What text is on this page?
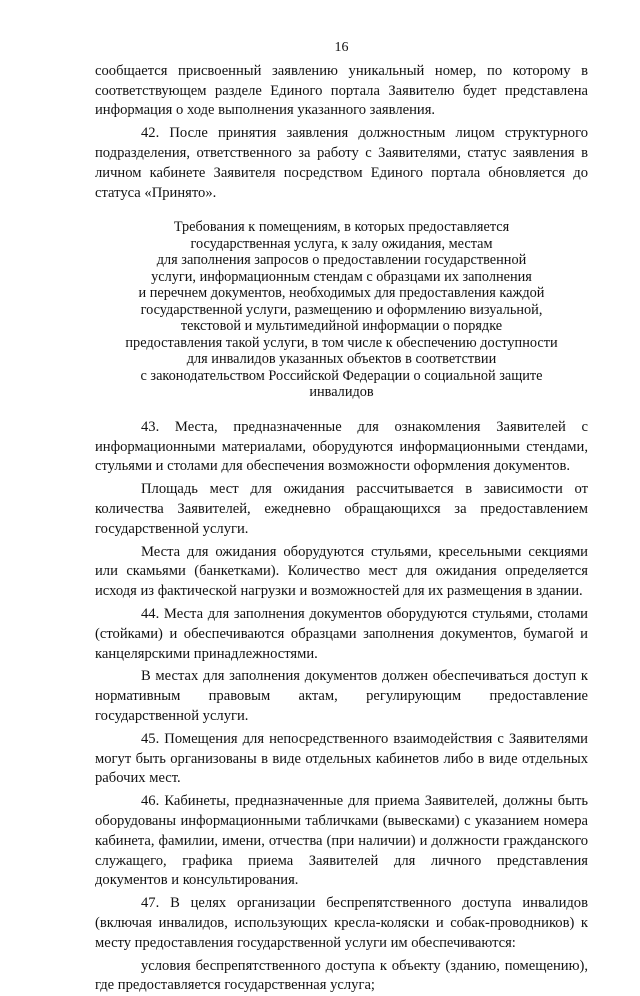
16

сообщается присвоенный заявлению уникальный номер, по которому в соответствующем разделе Единого портала Заявителю будет представлена информация о ходе выполнения указанного заявления.

42. После принятия заявления должностным лицом структурного подразделения, ответственного за работу с Заявителями, статус заявления в личном кабинете Заявителя посредством Единого портала обновляется до статуса «Принято».

Требования к помещениям, в которых предоставляется

государственная услуга, к залу ожидания, местам

для заполнения запросов о предоставлении государственной

услуги, информационным стендам с образцами их заполнения

и перечнем документов, необходимых для предоставления каждой

государственной услуги, размещению и оформлению визуальной,

текстовой и мультимедийной информации о порядке

предоставления такой услуги, в том числе к обеспечению доступности

для инвалидов указанных объектов в соответствии

с законодательством Российской Федерации о социальной защите

инвалидов

43. Места, предназначенные для ознакомления Заявителей с информационными материалами, оборудуются информационными стендами, стульями и столами для обеспечения возможности оформления документов.

Площадь мест для ожидания рассчитывается в зависимости от количества Заявителей, ежедневно обращающихся за предоставлением государственной услуги.

Места для ожидания оборудуются стульями, кресельными секциями или скамьями (банкетками). Количество мест для ожидания определяется исходя из фактической нагрузки и возможностей для их размещения в здании.

44. Места для заполнения документов оборудуются стульями, столами (стойками) и обеспечиваются образцами заполнения документов, бумагой и канцелярскими принадлежностями.

В местах для заполнения документов должен обеспечиваться доступ к нормативным правовым актам, регулирующим предоставление государственной услуги.

45. Помещения для непосредственного взаимодействия с Заявителями могут быть организованы в виде отдельных кабинетов либо в виде отдельных рабочих мест.

46. Кабинеты, предназначенные для приема Заявителей, должны быть оборудованы информационными табличками (вывесками) с указанием номера кабинета, фамилии, имени, отчества (при наличии) и должности гражданского служащего, графика приема Заявителей для личного представления документов и консультирования.

47. В целях организации беспрепятственного доступа инвалидов (включая инвалидов, использующих кресла-коляски и собак-проводников) к месту предоставления государственной услуги им обеспечиваются:

условия беспрепятственного доступа к объекту (зданию, помещению), где предоставляется государственная услуга;
